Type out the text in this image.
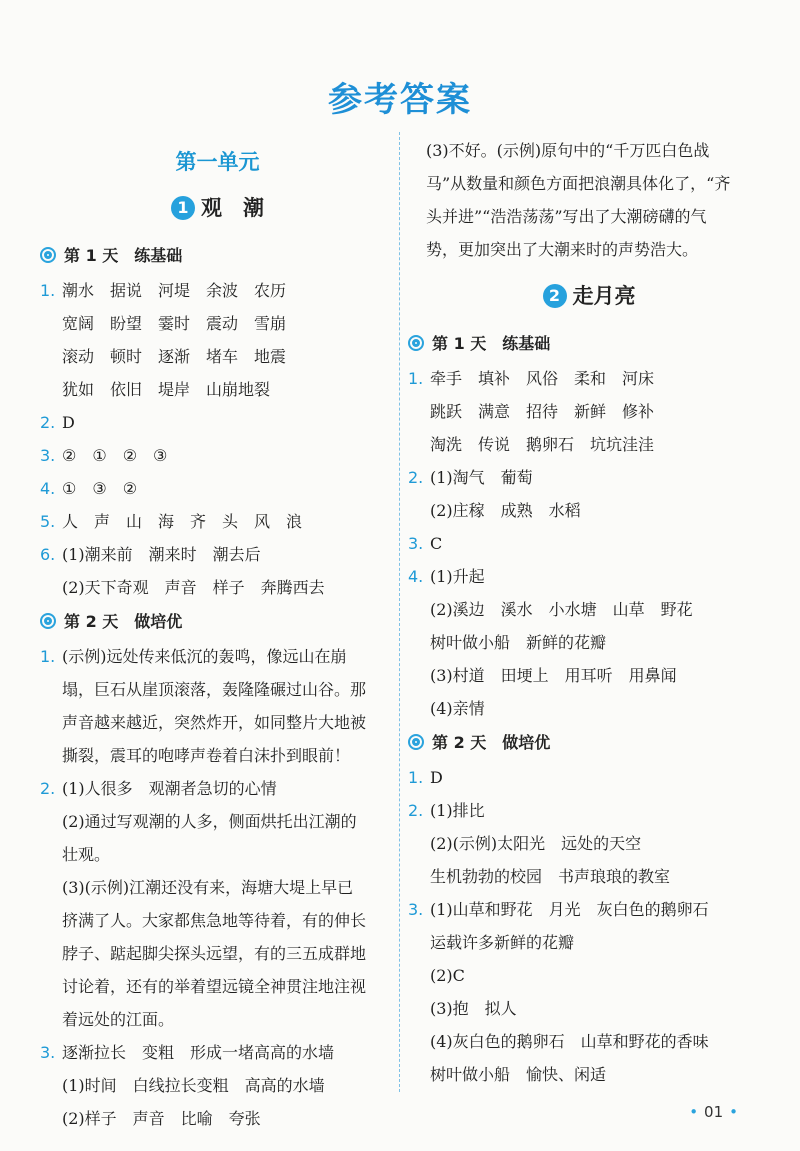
参考答案
第一单元
1 观　潮
第 1 天　练基础
1. 潮水　据说　河堤　余波　农历
宽阔　盼望　霎时　震动　雪崩
滚动　顿时　逐渐　堵车　地震
犹如　依旧　堤岸　山崩地裂
2. D
3. ②　①　②　③
4. ①　③　②
5. 人　声　山　海　齐　头　风　浪
6. (1)潮来前　潮来时　潮去后
(2)天下奇观　声音　样子　奔腾西去
第 2 天　做培优
1. (示例)远处传来低沉的轰鸣，像远山在崩
塌，巨石从崖顶滚落，轰隆隆碾过山谷。那
声音越来越近，突然炸开，如同整片大地被
撕裂，震耳的咆哮声卷着白沫扑到眼前！
2. (1)人很多　观潮者急切的心情
(2)通过写观潮的人多，侧面烘托出江潮的
壮观。
(3)(示例)江潮还没有来，海塘大堤上早已
挤满了人。大家都焦急地等待着，有的伸长
脖子、踮起脚尖探头远望，有的三五成群地
讨论着，还有的举着望远镜全神贯注地注视
着远处的江面。
3. 逐渐拉长　变粗　形成一堵高高的水墙
(1)时间　白线拉长变粗　高高的水墙
(2)样子　声音　比喻　夸张
(3)不好。(示例)原句中的“千万匹白色战
马”从数量和颜色方面把浪潮具体化了，“齐
头并进”“浩浩荡荡”写出了大潮磅礴的气
势，更加突出了大潮来时的声势浩大。
2 走月亮
第 1 天　练基础
1. 牵手　填补　风俗　柔和　河床
跳跃　满意　招待　新鲜　修补
淘洗　传说　鹅卵石　坑坑洼洼
2. (1)淘气　葡萄
(2)庄稼　成熟　水稻
3. C
4. (1)升起
(2)溪边　溪水　小水塘　山草　野花
树叶做小船　新鲜的花瓣
(3)村道　田埂上　用耳听　用鼻闻
(4)亲情
第 2 天　做培优
1. D
2. (1)排比
(2)(示例)太阳光　远处的天空
生机勃勃的校园　书声琅琅的教室
3. (1)山草和野花　月光　灰白色的鹅卵石
运载许多新鲜的花瓣
(2)C
(3)抱　拟人
(4)灰白色的鹅卵石　山草和野花的香味
树叶做小船　愉快、闲适
• 01 •
